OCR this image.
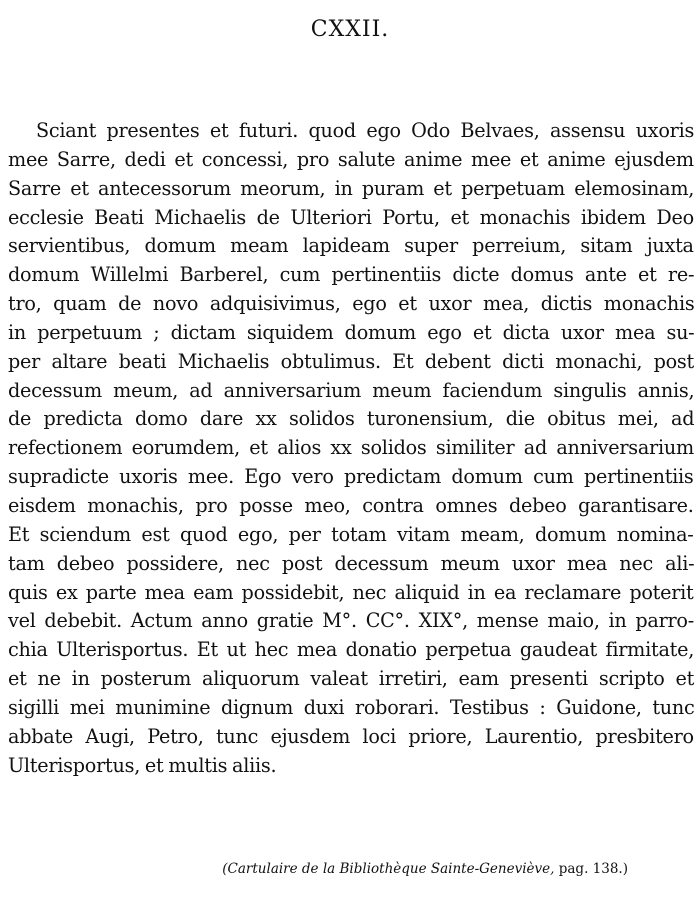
CXXII.
Sciant presentes et futuri. quod ego Odo Belvaes, assensu uxoris
mee Sarre, dedi et concessi, pro salute anime mee et anime ejusdem
Sarre et antecessorum meorum, in puram et perpetuam elemosinam,
ecclesie Beati Michaelis de Ulteriori Portu, et monachis ibidem Deo
servientibus, domum meam lapideam super perreium, sitam juxta
domum Willelmi Barberel, cum pertinentiis dicte domus ante et re-
tro, quam de novo adquisivimus, ego et uxor mea, dictis monachis
in perpetuum ; dictam siquidem domum ego et dicta uxor mea su-
per altare beati Michaelis obtulimus. Et debent dicti monachi, post
decessum meum, ad anniversarium meum faciendum singulis annis,
de predicta domo dare xx solidos turonensium, die obitus mei, ad
refectionem eorumdem, et alios xx solidos similiter ad anniversarium
supradicte uxoris mee. Ego vero predictam domum cum pertinentiis
eisdem monachis, pro posse meo, contra omnes debeo garantisare.
Et sciendum est quod ego, per totam vitam meam, domum nomina-
tam debeo possidere, nec post decessum meum uxor mea nec ali-
quis ex parte mea eam possidebit, nec aliquid in ea reclamare poterit
vel debebit. Actum anno gratie M°. CC°. XIX°, mense maio, in parro-
chia Ulterisportus. Et ut hec mea donatio perpetua gaudeat firmitate,
et ne in posterum aliquorum valeat irretiri, eam presenti scripto et
sigilli mei munimine dignum duxi roborari. Testibus : Guidone, tunc
abbate Augi, Petro, tunc ejusdem loci priore, Laurentio, presbitero
Ulterisportus, et multis aliis.
(Cartulaire de la Bibliothèque Sainte-Geneviève, pag. 138.)
